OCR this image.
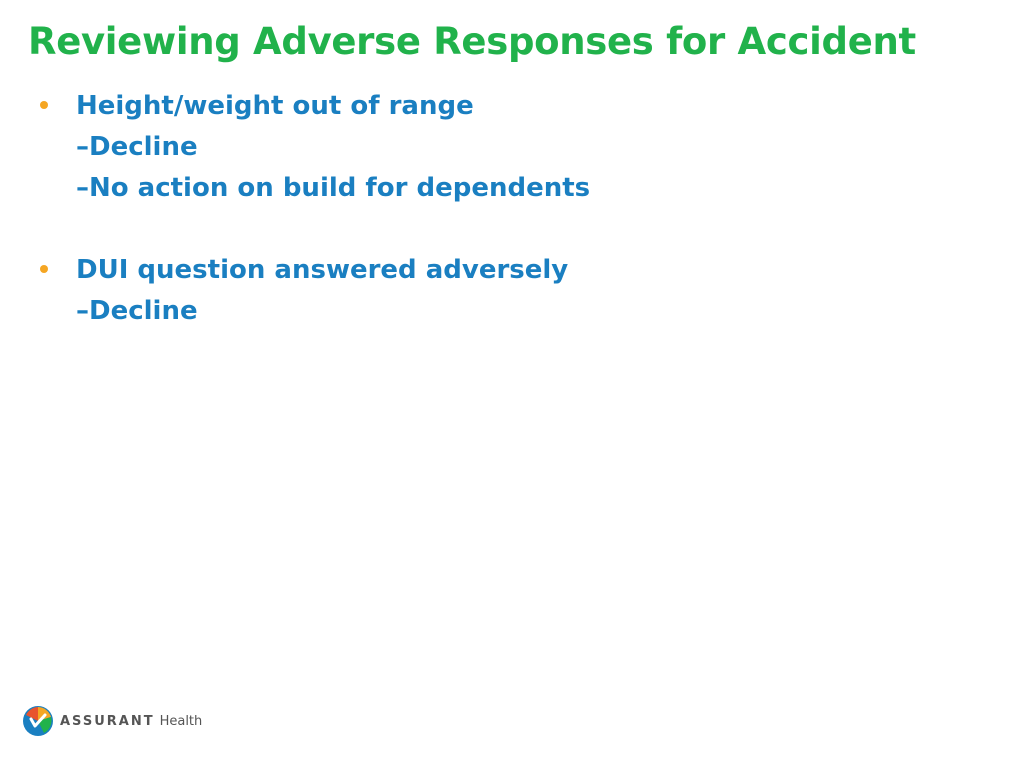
Reviewing Adverse Responses for Accident
Height/weight out of range
–Decline
–No action on build for dependents
DUI question answered adversely
–Decline
ASSURANT Health
